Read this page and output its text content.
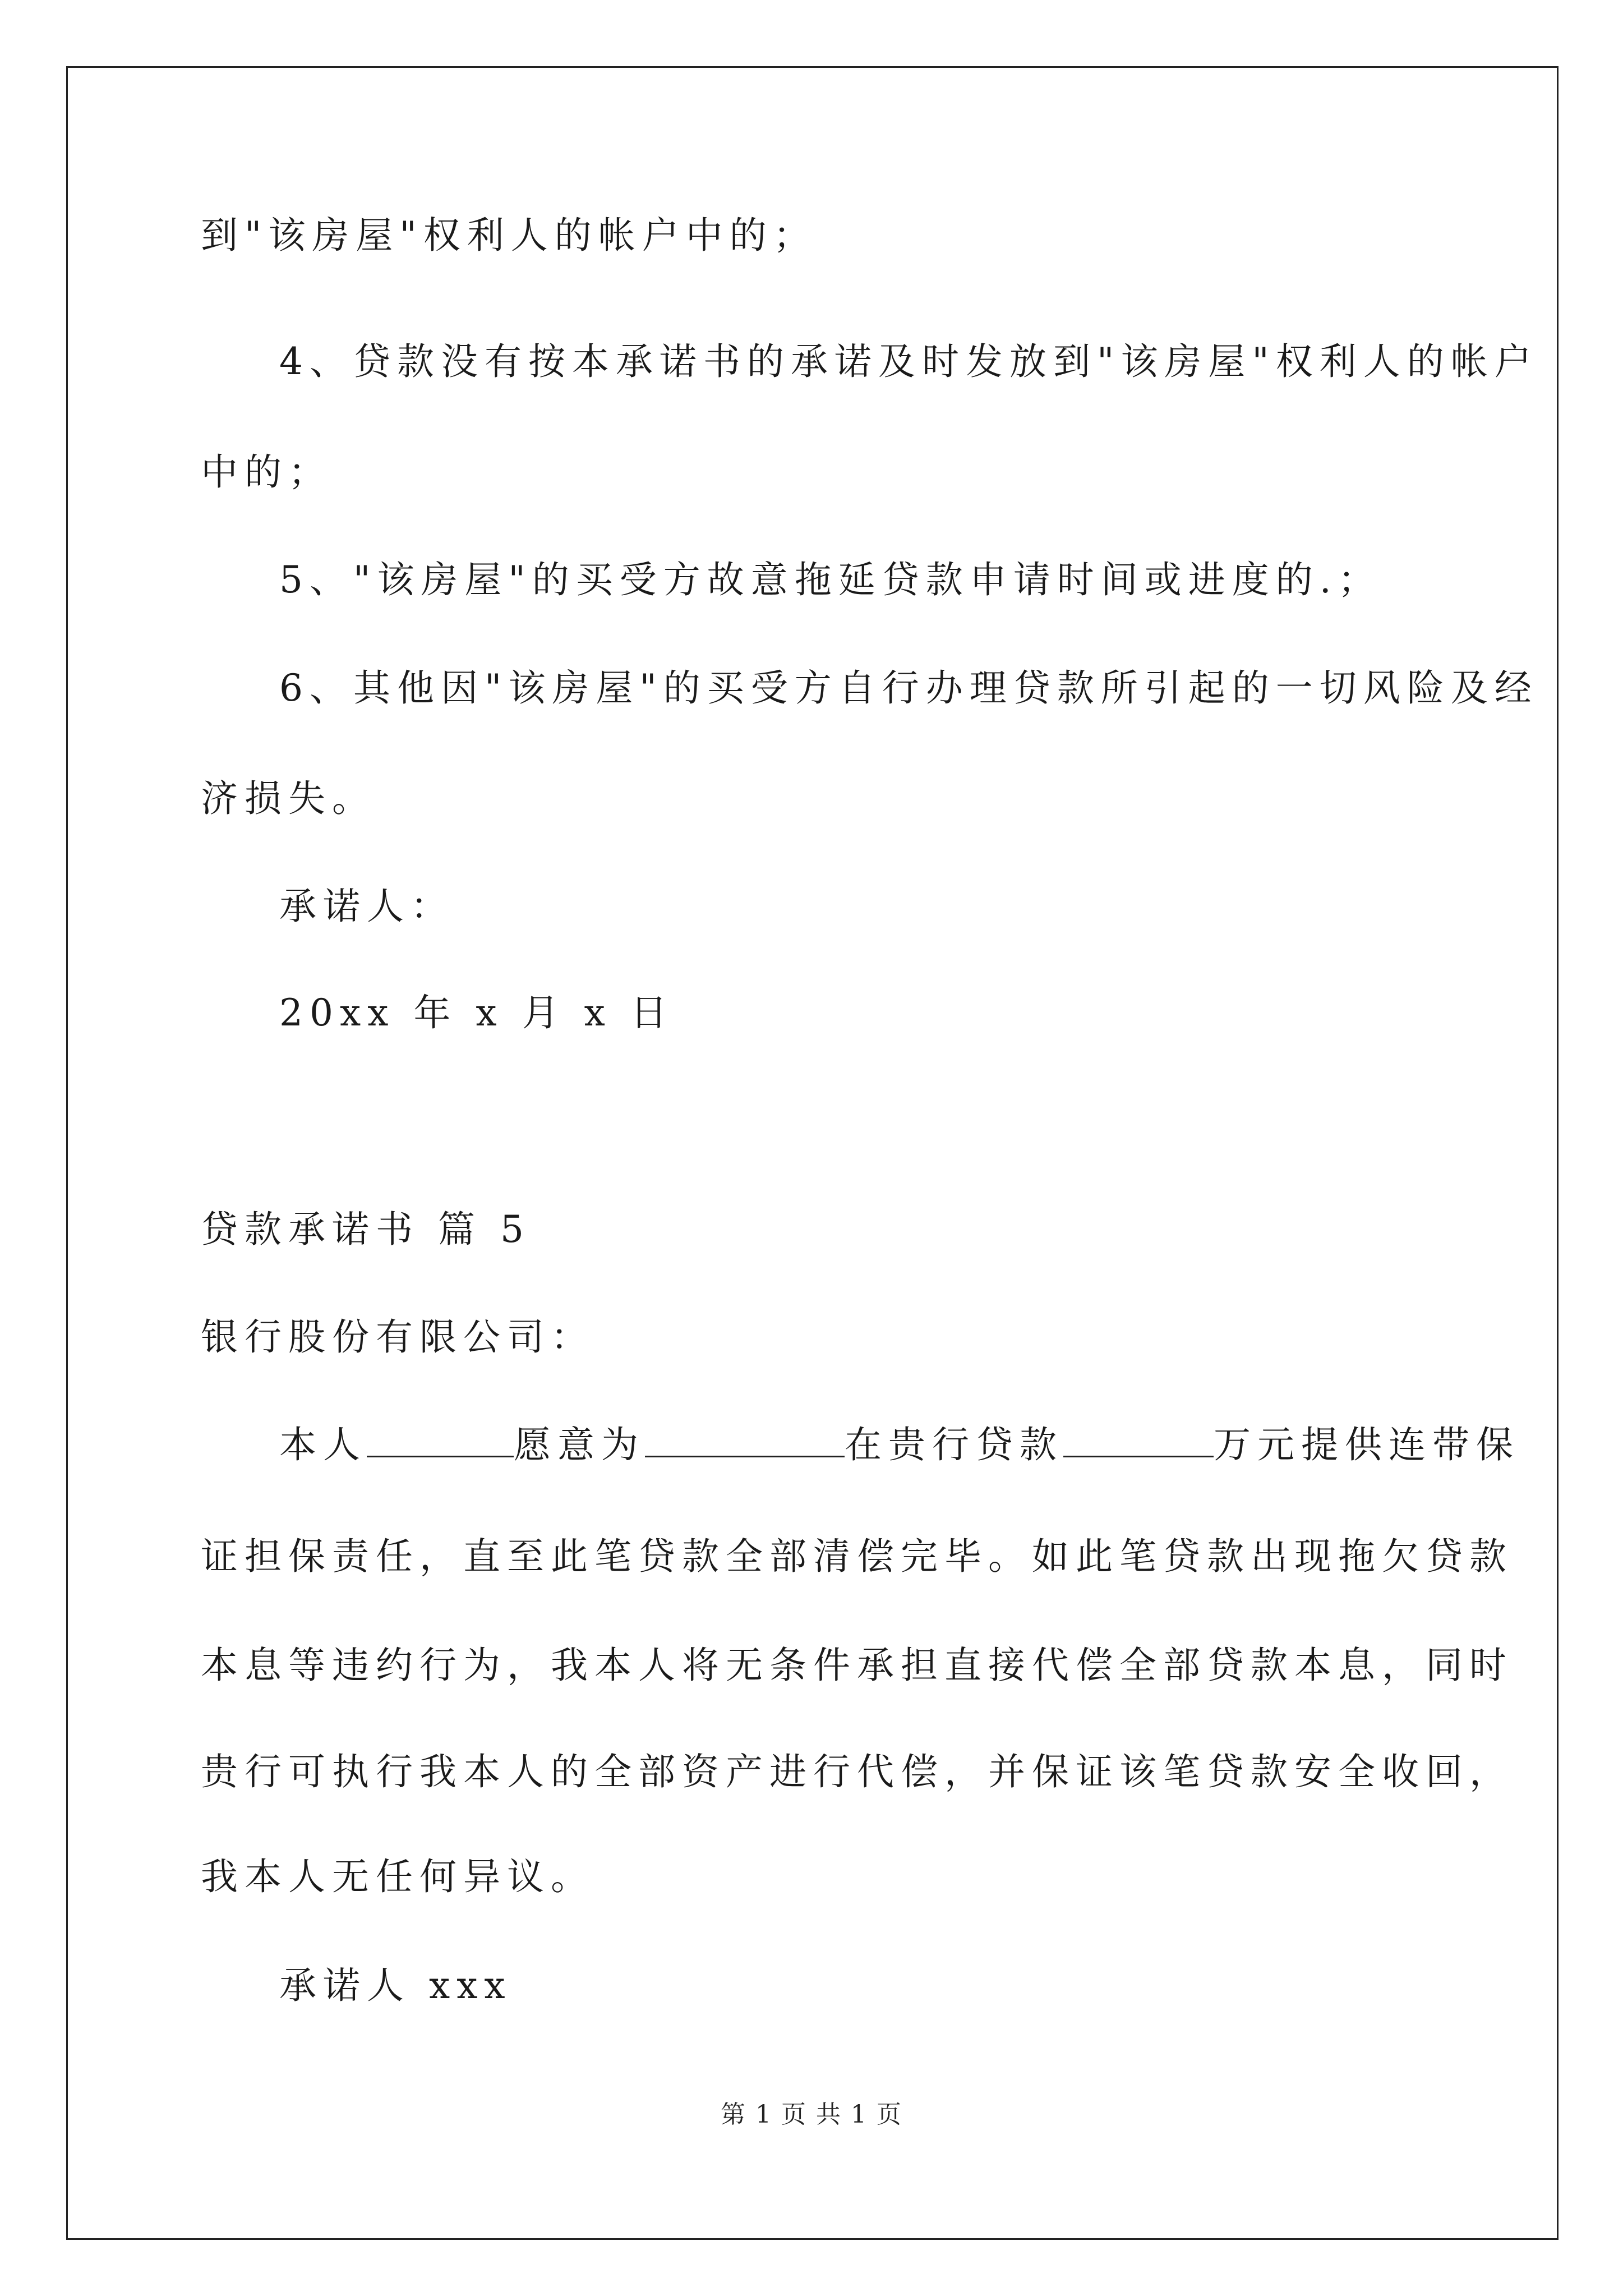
到"该房屋"权利人的帐户中的；
4、贷款没有按本承诺书的承诺及时发放到"该房屋"权利人的帐户
中的；
5、"该房屋"的买受方故意拖延贷款申请时间或进度的.；
6、其他因"该房屋"的买受方自行办理贷款所引起的一切风险及经
济损失。
承诺人：
20xx 年 x 月 x 日
贷款承诺书 篇 5
银行股份有限公司：
本人	愿意为	在贵行贷款	万元提供连带保
证担保责任，直至此笔贷款全部清偿完毕。如此笔贷款出现拖欠贷款
本息等违约行为，我本人将无条件承担直接代偿全部贷款本息，同时
贵行可执行我本人的全部资产进行代偿，并保证该笔贷款安全收回，
我本人无任何异议。
承诺人 xxx
第 1 页 共 1 页
